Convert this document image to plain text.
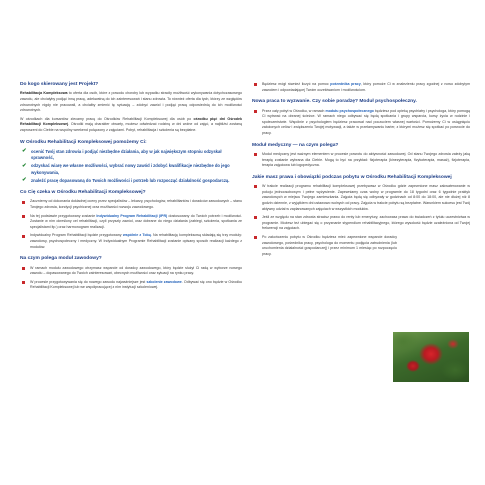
Do kogo skierowany jest Projekt?

Rehabilitacja Kompleksowa to oferta dla osób, które z powodu choroby lub wypadku straciły możliwość wykonywania dotychczasowego zawodu, ale chciałyby podjąć inną pracę, adekwatną do ich zainteresowań i stanu zdrowia. To również oferta dla tych, którzy ze względów zdrowotnych nigdy nie pracowali, a chciałby zmienić tę sytuację – zdobyć zawód i podjąć pracę odpowiednią do ich możliwości zdrowotnych.

W ośrodkach dla kursantów zlecamy pracę do Ośrodków Rehabilitacji Kompleksowej dla osób po ośrodku pięć dni Ośrodek Rehabilitacji Kompleksowej. Ośrodki mają charakter otwarty, możesz odwiedzać rodzinę w dni wolne od zajęć, a najbliżsi zostaną zaproszeni do Ciebie na wspólny weekend połączony z zajęciami. Pobyt, rehabilitacja i szkolenia są bezpłatne.

W Ośrodku Rehabilitacji Kompleksowej pomożemy Ci:

✔ ocenić Twój stan zdrowia i podjąć niezbędne działania, aby w jak największym stopniu odzyskał sprawność,
✔ odzyskać wiarę we własne możliwości, wybrać nowy zawód i zdobyć kwalifikacje niezbędne do jego wykonywania,
✔ znaleźć pracę dopasowaną do Twoich możliwości i potrzeb lub rozpocząć działalność gospodarczą.

Co Cię czeka w Ośrodku Rehabilitacji Kompleksowej?

Zaczniemy od dokonania dokładnej oceny przez specjalistów – lekarzy, psychologów, rehabilitantów i doradców zawodowych – stanu Twojego zdrowia, kondycji psychicznej oraz możliwości rozwoju zawodowego.
Na tej podstawie przygotowany zostanie Indywidualny Program Rehabilitacji (IPR) dostosowany do Twoich potrzeb i możliwości. Zostanie w nim określony cel rehabilitacji, czyli przyszły zawód, oraz dobrane do niego działania (zabiegi, szkolenia, spotkania ze specjalistami itp.) oraz harmonogram realizacji.
Indywidualny Program Rehabilitacji będzie przygotowany wspólnie z Tobą. Na rehabilitację kompleksową składają się trzy moduły: zawodowy, psychospołeczny i medyczny. W Indywidualnym Programie Rehabilitacji zostanie opisany sposób realizacji każdego z modułów.

Na czym polega moduł zawodowy?

W ramach modułu zawodowego otrzymasz wsparcie od doradcy zawodowego, który będzie służył Ci radą w wyborze nowego zawodu – dopasowanego do Twoich zainteresowań, obecnych możliwości oraz sytuacji na rynku pracy.
W procesie przygotowywania się do nowego zawodu najważniejsze jest szkolenie zawodowe. Odbywać się ono będzie w Ośrodku Rehabilitacji Kompleksowej lub we współpracującej z nim instytucji szkoleniowej.
Będziesz mógł również liczyć na pomoc pośrednika pracy, który pomoże Ci w znalezieniu pracy zgodnej z nowo zdobytym zawodem i odpowiadającej Twoim oczekiwaniom i możliwościom.

Nowa praca to wyzwanie. Czy sobie poradzę? Moduł psychospołeczny.

Przez cały pobyt w Ośrodku, w ramach modułu psychospołecznego będziesz pod opieką psychiatry i psychologa, który pomogą Ci wytrwać na obranej ścieżce. W ramach niego odbywać się będą spotkania i grupy wsparcia, kursy życia w rodzinie i społeczeństwie. Wspólnie z psychologiem będziesz pracował nad poczuciem własnej wartości. Pomożemy Ci w osiągnięciu założonych celów i zwiększeniu Twojej motywacji, a także w przełamywaniu barier, z którymi możesz się spotkać po powrocie do pracy.

Moduł medyczny — na czym polega?

Moduł medyczny jest ważnym elementem w procesie powrotu do aktywności zawodowej. Od stanu Twojego zdrowia zależy jaką terapię zostanie wybrana dla Ciebie. Mogą to być na przykład: fizjoterapia (kinezyterapia, fizykoterapia, masaż), fizjoterapia, terapia zajęciowa lub logopedyczna.

Jakie masz prawa i obowiązki podczas pobytu w Ośrodku Rehabilitacji Kompleksowej

W trakcie realizacji programu rehabilitacji kompleksowej przebywasz w Ośrodku gdzie zapewnione masz zakwaterowanie w pokoju jednoosobowym i pełne wyżywienie. Zapewniamy czas wolny w programie do 18 tygodni oraz 6 tygodnie praktyk zawodowych w miejscu Twojego zamieszkania. Zajęcia będą się odbywały w godzinach od 8:00 do 18:00, ale nie dłużej niż 8 godzin dziennie, z wyjątkiem dni ustawowo wolnych od pracy. Zajęcia w trakcie pobytu są bezpłatne. Warunkiem sukcesu jest Twój aktywny udział w zaplanowanych zajęciach w wszystkich modułów.
Jeśli ze względu na stan zdrowia stracisz prawo do renty lub emerytury, zachowasz prawo do świadczeń z tytułu uczestnictwa w programie. Możesz też ubiegać się o przyznanie stypendium rehabilitacyjnego, którego wysokość będzie uzależniona od Twojej frekwencji na zajęciach.
Po zakończeniu pobytu w Ośrodku będziesz mieć zapewnione wsparcie doradcy zawodowego, pośrednika pracy, psychologa do momentu podjęcia zatrudnienia (lub uruchomienia działalności gospodarczej) i przez minimum 1 miesiąc po rozpoczęciu pracy.
